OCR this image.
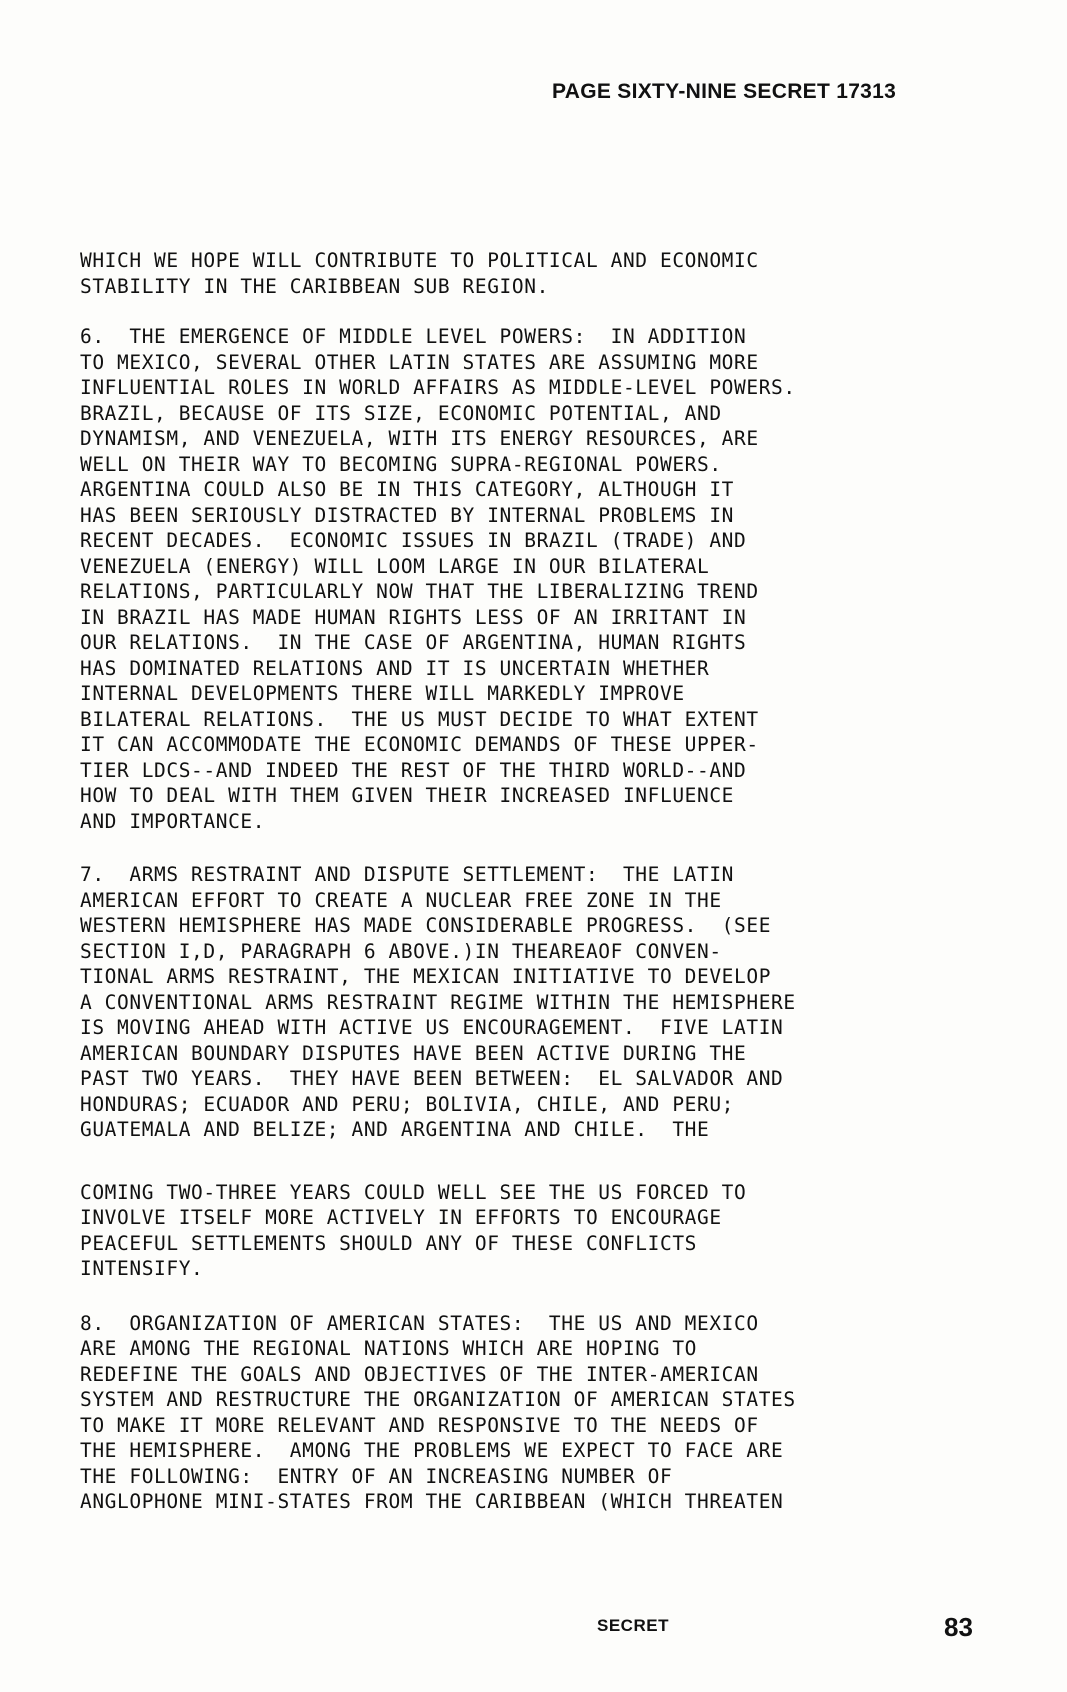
PAGE SIXTY-NINE SECRET 17313
WHICH WE HOPE WILL CONTRIBUTE TO POLITICAL AND ECONOMIC
STABILITY IN THE CARIBBEAN SUB REGION.
6.  THE EMERGENCE OF MIDDLE LEVEL POWERS:  IN ADDITION
TO MEXICO, SEVERAL OTHER LATIN STATES ARE ASSUMING MORE
INFLUENTIAL ROLES IN WORLD AFFAIRS AS MIDDLE-LEVEL POWERS.
BRAZIL, BECAUSE OF ITS SIZE, ECONOMIC POTENTIAL, AND
DYNAMISM, AND VENEZUELA, WITH ITS ENERGY RESOURCES, ARE
WELL ON THEIR WAY TO BECOMING SUPRA-REGIONAL POWERS.
ARGENTINA COULD ALSO BE IN THIS CATEGORY, ALTHOUGH IT
HAS BEEN SERIOUSLY DISTRACTED BY INTERNAL PROBLEMS IN
RECENT DECADES.  ECONOMIC ISSUES IN BRAZIL (TRADE) AND
VENEZUELA (ENERGY) WILL LOOM LARGE IN OUR BILATERAL
RELATIONS, PARTICULARLY NOW THAT THE LIBERALIZING TREND
IN BRAZIL HAS MADE HUMAN RIGHTS LESS OF AN IRRITANT IN
OUR RELATIONS.  IN THE CASE OF ARGENTINA, HUMAN RIGHTS
HAS DOMINATED RELATIONS AND IT IS UNCERTAIN WHETHER
INTERNAL DEVELOPMENTS THERE WILL MARKEDLY IMPROVE
BILATERAL RELATIONS.  THE US MUST DECIDE TO WHAT EXTENT
IT CAN ACCOMMODATE THE ECONOMIC DEMANDS OF THESE UPPER-
TIER LDCS--AND INDEED THE REST OF THE THIRD WORLD--AND
HOW TO DEAL WITH THEM GIVEN THEIR INCREASED INFLUENCE
AND IMPORTANCE.
7.  ARMS RESTRAINT AND DISPUTE SETTLEMENT:  THE LATIN
AMERICAN EFFORT TO CREATE A NUCLEAR FREE ZONE IN THE
WESTERN HEMISPHERE HAS MADE CONSIDERABLE PROGRESS.  (SEE
SECTION I,D, PARAGRAPH 6 ABOVE.)IN THEAREAOF CONVEN-
TIONAL ARMS RESTRAINT, THE MEXICAN INITIATIVE TO DEVELOP
A CONVENTIONAL ARMS RESTRAINT REGIME WITHIN THE HEMISPHERE
IS MOVING AHEAD WITH ACTIVE US ENCOURAGEMENT.  FIVE LATIN
AMERICAN BOUNDARY DISPUTES HAVE BEEN ACTIVE DURING THE
PAST TWO YEARS.  THEY HAVE BEEN BETWEEN:  EL SALVADOR AND
HONDURAS; ECUADOR AND PERU; BOLIVIA, CHILE, AND PERU;
GUATEMALA AND BELIZE; AND ARGENTINA AND CHILE.  THE
COMING TWO-THREE YEARS COULD WELL SEE THE US FORCED TO
INVOLVE ITSELF MORE ACTIVELY IN EFFORTS TO ENCOURAGE
PEACEFUL SETTLEMENTS SHOULD ANY OF THESE CONFLICTS
INTENSIFY.
8.  ORGANIZATION OF AMERICAN STATES:  THE US AND MEXICO
ARE AMONG THE REGIONAL NATIONS WHICH ARE HOPING TO
REDEFINE THE GOALS AND OBJECTIVES OF THE INTER-AMERICAN
SYSTEM AND RESTRUCTURE THE ORGANIZATION OF AMERICAN STATES
TO MAKE IT MORE RELEVANT AND RESPONSIVE TO THE NEEDS OF
THE HEMISPHERE.  AMONG THE PROBLEMS WE EXPECT TO FACE ARE
THE FOLLOWING:  ENTRY OF AN INCREASING NUMBER OF
ANGLOPHONE MINI-STATES FROM THE CARIBBEAN (WHICH THREATEN
SECRET	83
